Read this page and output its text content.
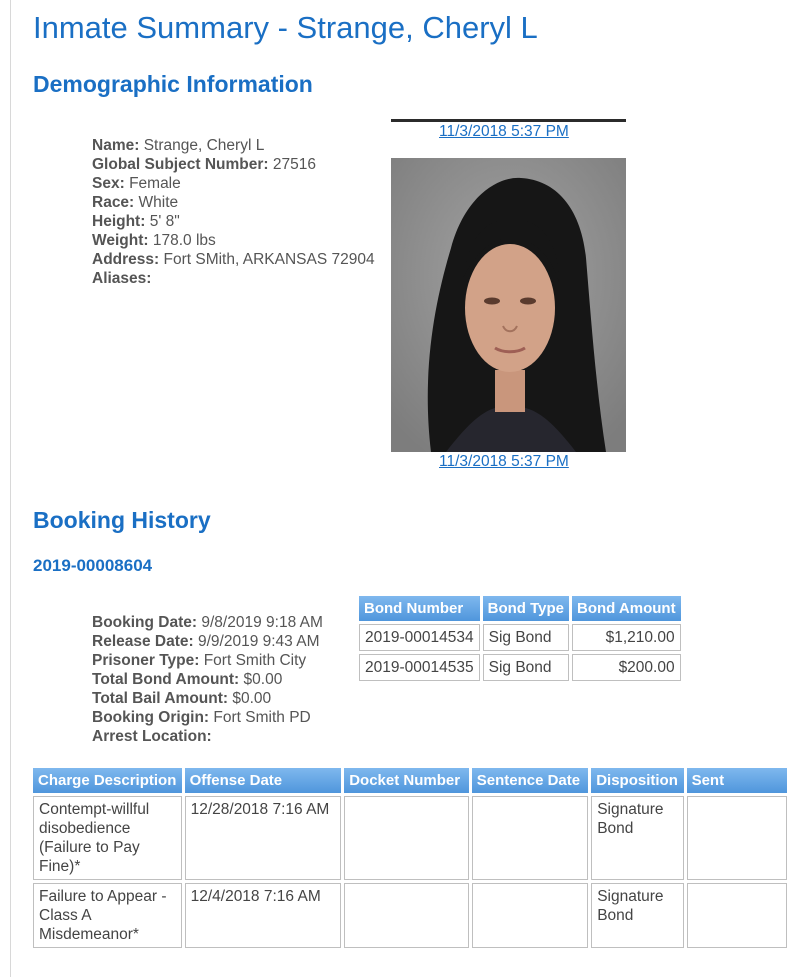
Inmate Summary - Strange, Cheryl L
Demographic Information
Name: Strange, Cheryl L
Global Subject Number: 27516
Sex: Female
Race: White
Height: 5' 8"
Weight: 178.0 lbs
Address: Fort SMith, ARKANSAS 72904
Aliases:
11/3/2018 5:37 PM
11/3/2018 5:37 PM
Booking History
2019-00008604
Booking Date: 9/8/2019 9:18 AM
Release Date: 9/9/2019 9:43 AM
Prisoner Type: Fort Smith City
Total Bond Amount: $0.00
Total Bail Amount: $0.00
Booking Origin: Fort Smith PD
Arrest Location:
Bond Number	Bond Type	Bond Amount
2019-00014534	Sig Bond	$1,210.00
2019-00014535	Sig Bond	$200.00
Charge Description	Offense Date	Docket Number	Sentence Date	Disposition	Sent
Contempt-willful disobedience (Failure to Pay Fine)*	12/28/2018 7:16 AM			Signature Bond	
Failure to Appear - Class A Misdemeanor*	12/4/2018 7:16 AM			Signature Bond	
